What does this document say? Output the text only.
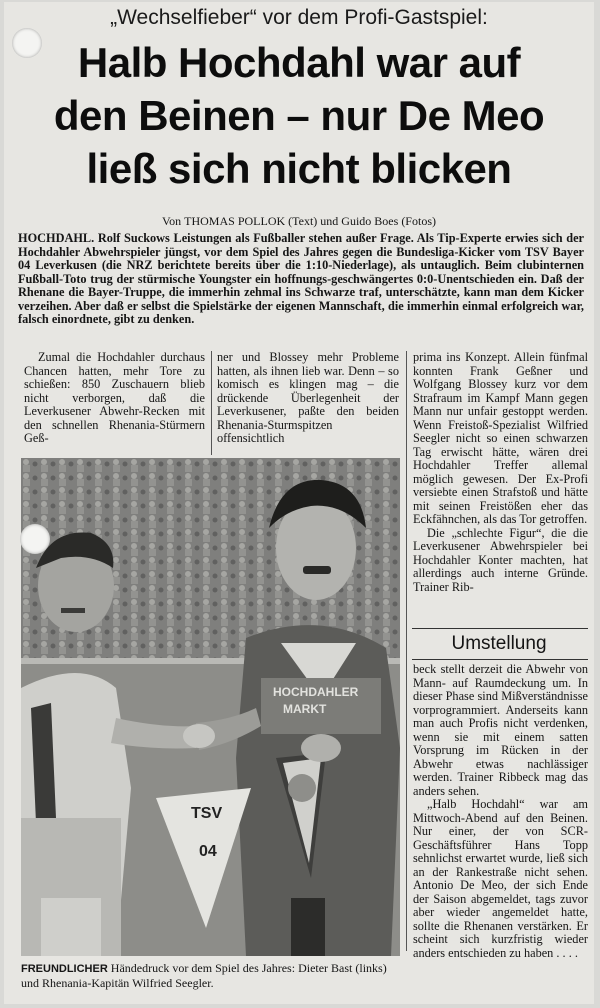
„Wechselfieber“ vor dem Profi-Gastspiel:
Halb Hochdahl war auf
den Beinen – nur De Meo
ließ sich nicht blicken
Von THOMAS POLLOK (Text) und Guido Boes (Fotos)
HOCHDAHL. Rolf Suckows Leistungen als Fußballer stehen außer Frage. Als Tip-Experte erwies sich der Hochdahler Abwehrspieler jüngst, vor dem Spiel des Jahres gegen die Bundesliga-Kicker vom TSV Bayer 04 Leverkusen (die NRZ berichtete bereits über die 1:10-Niederlage), als untauglich. Beim clubinternen Fußball-Toto trug der stürmische Youngster ein hoffnungs-geschwängertes 0:0-Unentschieden ein. Daß der Rhenane die Bayer-Truppe, die immerhin zehmal ins Schwarze traf, unterschätzte, kann man dem Kicker verzeihen. Aber daß er selbst die Spielstärke der eigenen Mannschaft, die immerhin einmal erfolgreich war, falsch einordnete, gibt zu denken.

Zumal die Hochdahler durchaus Chancen hatten, mehr Tore zu schießen: 850 Zuschauern blieb nicht verborgen, daß die Leverkusener Abwehr-Recken mit den schnellen Rhenania-Stürmern Geß-

ner und Blossey mehr Probleme hatten, als ihnen lieb war. Denn – so komisch es klingen mag – die drückende Überlegenheit der Leverkusener, paßte den beiden Rhenania-Sturmspitzen offensichtlich

prima ins Konzept. Allein fünfmal konnten Frank Geßner und Wolfgang Blossey kurz vor dem Strafraum im Kampf Mann gegen Mann nur unfair gestoppt werden. Wenn Freistoß-Spezialist Wilfried Seegler nicht so einen schwarzen Tag erwischt hätte, wären drei Hochdahler Treffer allemal möglich gewesen. Der Ex-Profi versiebte einen Strafstoß und hätte mit seinen Freistößen eher das Eckfähnchen, als das Tor getroffen.

Die „schlechte Figur“, die die Leverkusener Abwehrspieler bei Hochdahler Konter machten, hat allerdings auch interne Gründe. Trainer Rib-

Umstellung

beck stellt derzeit die Abwehr von Mann- auf Raumdeckung um. In dieser Phase sind Mißverständnisse vorprogrammiert. Anderseits kann man auch Profis nicht verdenken, wenn sie mit einem satten Vorsprung im Rücken in der Abwehr etwas nachlässiger werden. Trainer Ribbeck mag das anders sehen.

„Halb Hochdahl“ war am Mittwoch-Abend auf den Beinen. Nur einer, der von SCR-Geschäftsführer Hans Topp sehnlichst erwartet wurde, ließ sich an der Rankestraße nicht sehen. Antonio De Meo, der sich Ende der Saison abgemeldet, tags zuvor aber wieder angemeldet hatte, sollte die Rhenanen verstärken. Er scheint sich kurzfristig wieder anders entschieden zu haben . . . .

HOCHDAHLER
MARKT
TSV
04
FREUNDLICHER Händedruck vor dem Spiel des Jahres: Dieter Bast (links) und Rhenania-Kapitän Wilfried Seegler.
